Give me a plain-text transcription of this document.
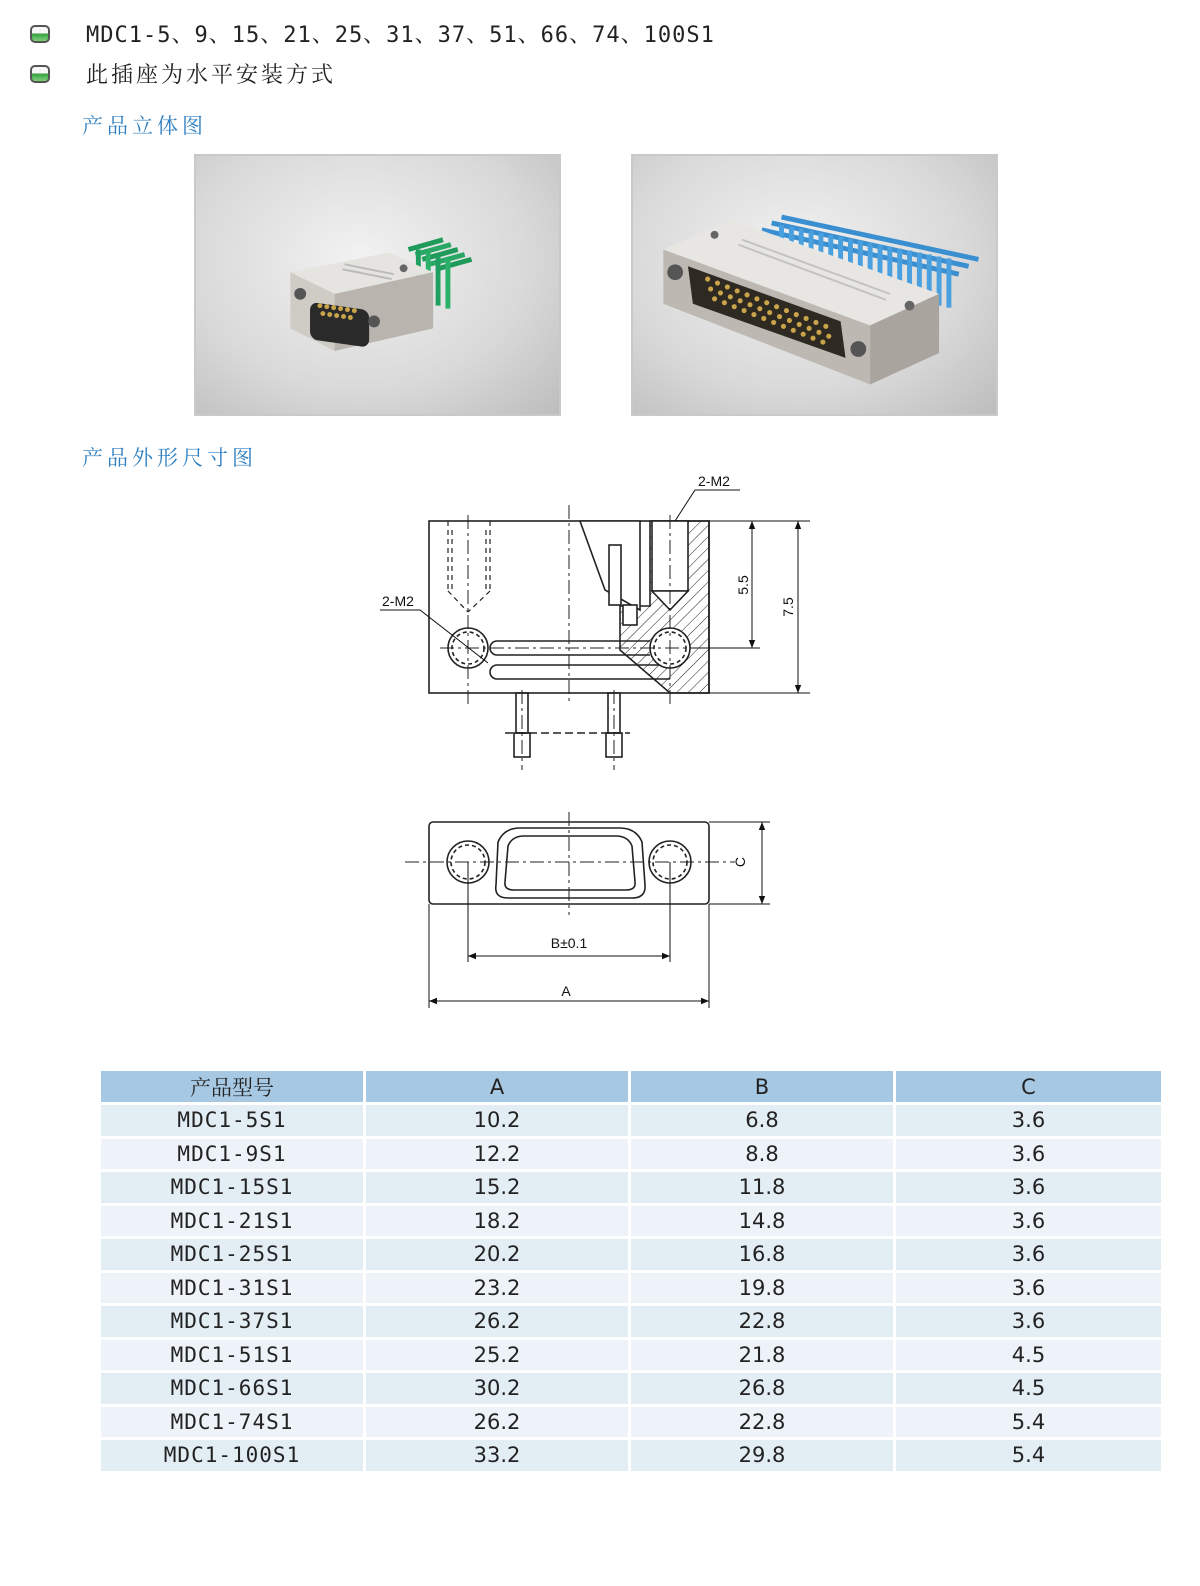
MDC1-5、9、15、21、25、31、37、51、66、74、100S1
此插座为水平安装方式
产品立体图
产品外形尺寸图
2-M2
2-M2
5.5
7.5
C
B±0.1
A
产品型号	A	B	C
MDC1-5S1	10.2	6.8	3.6
MDC1-9S1	12.2	8.8	3.6
MDC1-15S1	15.2	11.8	3.6
MDC1-21S1	18.2	14.8	3.6
MDC1-25S1	20.2	16.8	3.6
MDC1-31S1	23.2	19.8	3.6
MDC1-37S1	26.2	22.8	3.6
MDC1-51S1	25.2	21.8	4.5
MDC1-66S1	30.2	26.8	4.5
MDC1-74S1	26.2	22.8	5.4
MDC1-100S1	33.2	29.8	5.4
